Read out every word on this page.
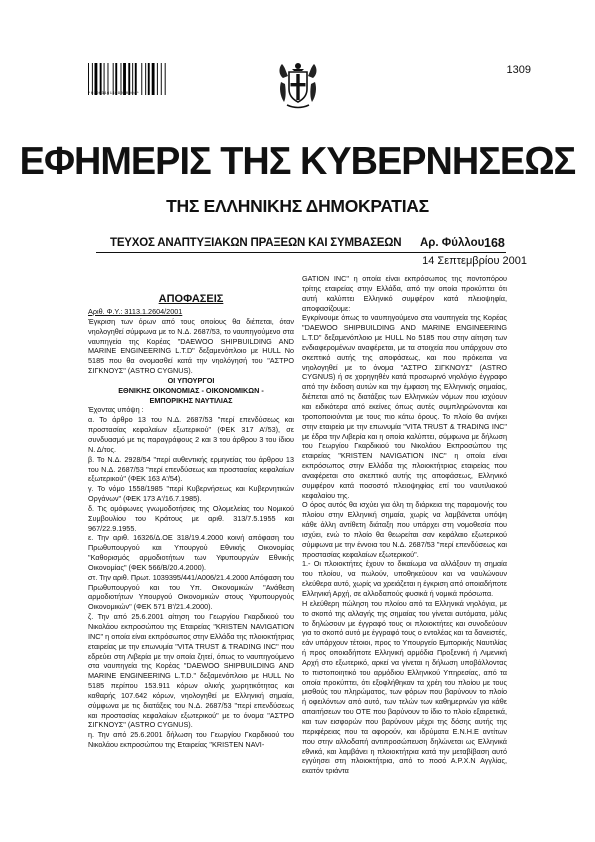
*01003161409010004*
1309
ΕΦΗΜΕΡΙΣ ΤΗΣ ΚΥΒΕΡΝΗΣΕΩΣ
ΤΗΣ ΕΛΛΗΝΙΚΗΣ ΔΗΜΟΚΡΑΤΙΑΣ
ΤΕΥΧΟΣ ΑΝΑΠΤΥΞΙΑΚΩΝ ΠΡΑΞΕΩΝ ΚΑΙ ΣΥΜΒΑΣΕΩΝ Αρ. Φύλλου 168
14 Σεπτεμβρίου 2001

ΑΠΟΦΑΣΕΙΣ

Αριθ. Φ.Υ.: 3113.1.2604/2001

Έγκριση των όρων από τους οποίους θα διέπεται, όταν νηολογηθεί σύμφωνα με το Ν.Δ. 2687/53, το ναυπηγούμενο στα ναυπηγεία της Κορέας "DAEWOO SHIPBUILDING AND MARINE ENGINEERING L.T.D" δεξαμενόπλοιο με HULL No 5185 που θα ονομασθεί κατά την νηολόγησή του "ΑΣΤΡΟ ΣΙΓΚΝΟΥΣ" (ASTRO CYGNUS).

ΟΙ ΥΠΟΥΡΓΟΙ

ΕΘΝΙΚΗΣ ΟΙΚΟΝΟΜΙΑΣ - ΟΙΚΟΝΟΜΙΚΩΝ -

ΕΜΠΟΡΙΚΗΣ ΝΑΥΤΙΛΙΑΣ

Έχοντας υπόψη :

α. Το άρθρο 13 του Ν.Δ. 2687/53 "περί επενδύσεως και προστασίας κεφαλαίων εξωτερικού" (ΦΕΚ 317 Α'/53), σε συνδυασμό με τις παραγράφους 2 και 3 του άρθρου 3 του ίδιου Ν. Δ/τος.

β. Το Ν.Δ. 2928/54 "περί αυθεντικής ερμηνείας του άρθρου 13 του Ν.Δ. 2687/53 "περί επενδύσεως και προστασίας κεφαλαίων εξωτερικού" (ΦΕΚ 163 Α'/54).

γ. Το νόμο 1558/1985 "περί Κυβερνήσεως και Κυβερνητικών Οργάνων" (ΦΕΚ 173 Α'/16.7.1985).

δ. Τις ομόφωνες γνωμοδοτήσεις της Ολομελείας του Νομικού Συμβουλίου του Κράτους με αριθ. 313/7.5.1955 και 967/22.9.1955.

ε. Την αριθ. 16326/Δ.ΟΕ 318/19.4.2000 κοινή απόφαση του Πρωθυπουργού και Υπουργού Εθνικής Οικονομίας "Καθορισμός αρμοδιοτήτων των Υφυπουργών Εθνικής Οικονομίας" (ΦΕΚ 566/Β/20.4.2000).

στ. Την αριθ. Πρωτ. 1039395/441/Α006/21.4.2000 Απόφαση του Πρωθυπουργού και του Υπ. Οικονομικών "Ανάθεση αρμοδιοτήτων Υπουργού Οικονομικών στους Υφυπουργούς Οικονομικών" (ΦΕΚ 571 Β'/21.4.2000).

ζ. Την από 25.6.2001 αίτηση του Γεωργίου Γκαρδικιού του Νικολάου εκπροσώπου της Εταιρείας "KRISTEN NAVIGATION INC" η οποία είναι εκπρόσωπος στην Ελλάδα της πλοιοκτήτριας εταιρείας με την επωνυμία "VITA TRUST & TRADING INC" που εδρεύει στη Λιβερία με την οποία ζητεί, όπως το ναυπηγούμενο στα ναυπηγεία της Κορέας "DAEWOO SHIPBUILDING AND MARINE ENGINEERING L.T.D." δεξαμενόπλοιο με HULL No 5185 περίπου 153.911 κόρων ολικής χωρητικότητας και καθαρής 107.642 κόρων, νηολογηθεί με Ελληνική σημαία, σύμφωνα με τις διατάξεις του Ν.Δ. 2687/53 "περί επενδύσεως και προστασίας κεφαλαίων εξωτερικού" με το όνομα "ΑΣΤΡΟ ΣΙΓΚΝΟΥΣ" (ASTRO CYGNUS).

η. Την από 25.6.2001 δήλωση του Γεωργίου Γκαρδικιού του Νικολάου εκπροσώπου της Εταιρείας "KRISTEN NAVI-

GATION INC" η οποία είναι εκπρόσωπος της ποντοπόρου τρίτης εταιρείας στην Ελλάδα, από την οποία προκύπτει ότι αυτή καλύπτει Ελληνικό συμφέρον κατά πλειοψηφία, αποφασίζουμε:

Εγκρίνουμε όπως το ναυπηγούμενο στα ναυπηγεία της Κορέας "DAEWOO SHIPBUILDING AND MARINE ENGINEERING L.T.D" δεξαμενόπλοιο με HULL No 5185 που στην αίτηση των ενδιαφερομένων αναφέρεται, με τα στοιχεία που υπάρχουν στο σκεπτικό αυτής της αποφάσεως, και που πρόκειται να νηολογηθεί με το όνομα "ΑΣΤΡΟ ΣΙΓΚΝΟΥΣ" (ASTRO CYGNUS) ή σε χορηγηθέν κατά προσωρινό νηολόγιο έγγραφο από την έκδοση αυτών και την έμφαση της Ελληνικής σημαίας, διέπεται από τις διατάξεις των Ελληνικών νόμων που ισχύουν και ειδικότερα από εκείνες όπως αυτές συμπληρώνονται και τροποποιούνται με τους πιο κάτω όρους. Το πλοίο θα ανήκει στην εταιρεία με την επωνυμία "VITA TRUST & TRADING INC" με έδρα την Λιβερία και η οποία καλύπτει, σύμφωνα με δήλωση του Γεωργίου Γκαρδικιού του Νικολάου Εκπροσώπου της εταιρείας "KRISTEN NAVIGATION INC" η οποία είναι εκπρόσωπος στην Ελλάδα της πλοιοκτήτριας εταιρείας που αναφέρεται στο σκεπτικό αυτής της αποφάσεως, Ελληνικό συμφέρον κατά ποσοστό πλειοψηφίας επί του ναυτιλιακού κεφαλαίου της.

Ο όρος αυτός θα ισχύει για όλη τη διάρκεια της παραμονής του πλοίου στην Ελληνική σημαία, χωρίς να λαμβάνεται υπόψη κάθε άλλη αντίθετη διάταξη που υπάρχει στη νομοθεσία που ισχύει, ενώ το πλοίο θα θεωρείται σαν κεφάλαιο εξωτερικού σύμφωνα με την έννοια του Ν.Δ. 2687/53 "περί επενδύσεως και προστασίας κεφαλαίων εξωτερικού".

1.- Οι πλοιοκτήτες έχουν το δικαίωμα να αλλάξουν τη σημαία του πλοίου, να πωλούν, υποθηκεύουν και να ναυλώνουν ελεύθερα αυτό, χωρίς να χρειάζεται η έγκριση από οποιαδήποτε Ελληνική Αρχή, σε αλλοδαπούς φυσικά ή νομικά πρόσωπα.

Η ελεύθερη πώληση του πλοίου από τα Ελληνικά νηολόγια, με το σκοπό της αλλαγής της σημαίας του γίνεται αυτόματα, μόλις το δηλώσουν με έγγραφό τους οι πλοιοκτήτες και συνοδεύουν για το σκοπό αυτό με έγγραφό τους ο εντολέας και τα δανειστές, εάν υπάρχουν τέτοιοι, προς το Υπουργείο Εμπορικής Ναυτιλίας ή προς οποιαδήποτε Ελληνική αρμόδια Προξενική ή Λιμενική Αρχή στο εξωτερικό, αρκεί να γίνεται η δήλωση υποβάλλοντας το πιστοποιητικό του αρμόδιου Ελληνικού Υπηρεσίας, από τα οποία προκύπτει, ότι εξοφλήθηκαν τα χρέη του πλοίου με τους μισθούς του πληρώματος, των φόρων που βαρύνουν το πλοίο ή οφειλόντων από αυτό, των τελών των καθημερινών για κάθε απαιτήσεων του ΟΤΕ που βαρύνουν το ίδιο το πλοίο εξαιρετικά, και των εισφορών που βαρύνουν μέχρι της δόσης αυτής της περιφέρειας που τα αφορούν, και ιδρύματα Ε.Ν.Η.Ε αντίτων που στην αλλοδαπή αντιπροσώπευση δηλώνεται ως Ελληνικά εθνικά, και λαμβάνει η πλοιοκτήτρια κατά την μεταβίβαση αυτό εγγύησει στη πλοιοκτήτρια, από το ποσό Α.Ρ.Χ.Ν Αγγλίας, εκατόν τριάντα
